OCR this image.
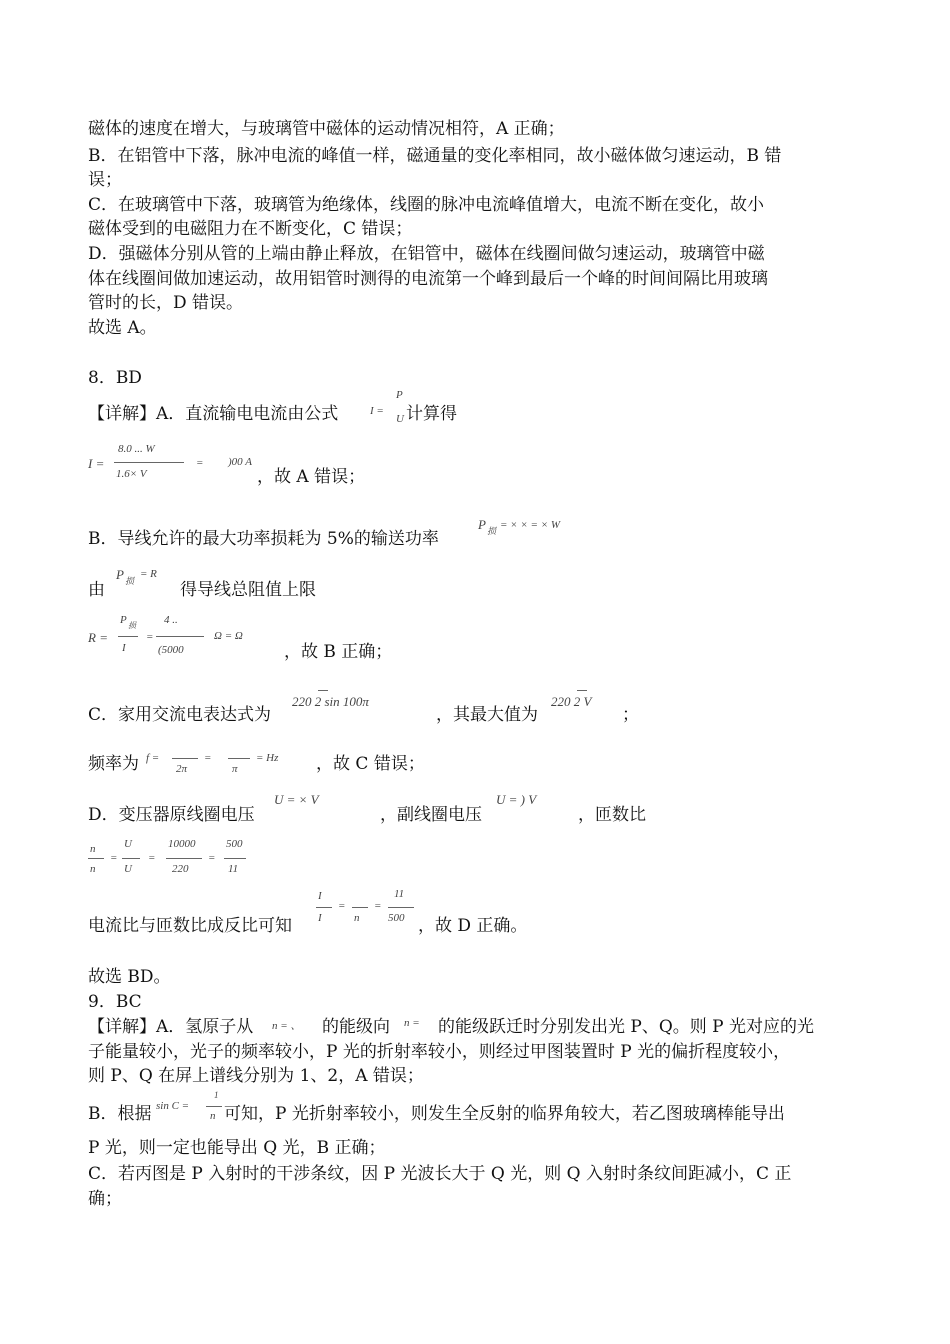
磁体的速度在增大，与玻璃管中磁体的运动情况相符，A 正确；
B．在铝管中下落，脉冲电流的峰值一样，磁通量的变化率相同，故小磁体做匀速运动，B 错
误；
C．在玻璃管中下落，玻璃管为绝缘体，线圈的脉冲电流峰值增大，电流不断在变化，故小
磁体受到的电磁阻力在不断变化，C 错误；
D．强磁体分别从管的上端由静止释放，在铝管中，磁体在线圈间做匀速运动，玻璃管中磁
体在线圈间做加速运动，故用铝管时测得的电流第一个峰到最后一个峰的时间间隔比用玻璃
管时的长，D 错误。
故选 A。
8．BD
【详解】A．直流输电电流由公式	I =
P
U 计算得
I =
8.0 ... W
1.6× V
= )00 A
，故 A 错误；
B．导线允许的最大功率损耗为 5%的输送功率
P 损 = × × = × W
由
P 损
= R
得导线总阻值上限
R =
P 损
I
=
4 ..
(5000
Ω = Ω
，故 B 正确；
C．家用交流电表达式为
220 2 sin 100π
，其最大值为
220 2 V
；
频率为 f =
2π
=
π
= Hz ，故 C 错误；
D．变压器原线圈电压
U = × V
，副线圈电压
U = ) V
，匝数比
n
n
=
U
U
=
10000
220
=
500
11
电流比与匝数比成反比可知
I
I
=
n
=
11
500 ，故 D 正确。
故选 BD。
9．BC
【详解】A．氢原子从 n = 、 的能级向 n = 的能级跃迁时分别发出光 P、Q。则 P 光对应的光
子能量较小，光子的频率较小，P 光的折射率较小，则经过甲图装置时 P 光的偏折程度较小，
则 P、Q 在屏上谱线分别为 1、2，A 错误；
B．根据 sin C =
1
n 可知，P 光折射率较小，则发生全反射的临界角较大，若乙图玻璃棒能导出
P 光，则一定也能导出 Q 光，B 正确；
C．若丙图是 P 入射时的干涉条纹，因 P 光波长大于 Q 光，则 Q 入射时条纹间距减小，C 正
确；
